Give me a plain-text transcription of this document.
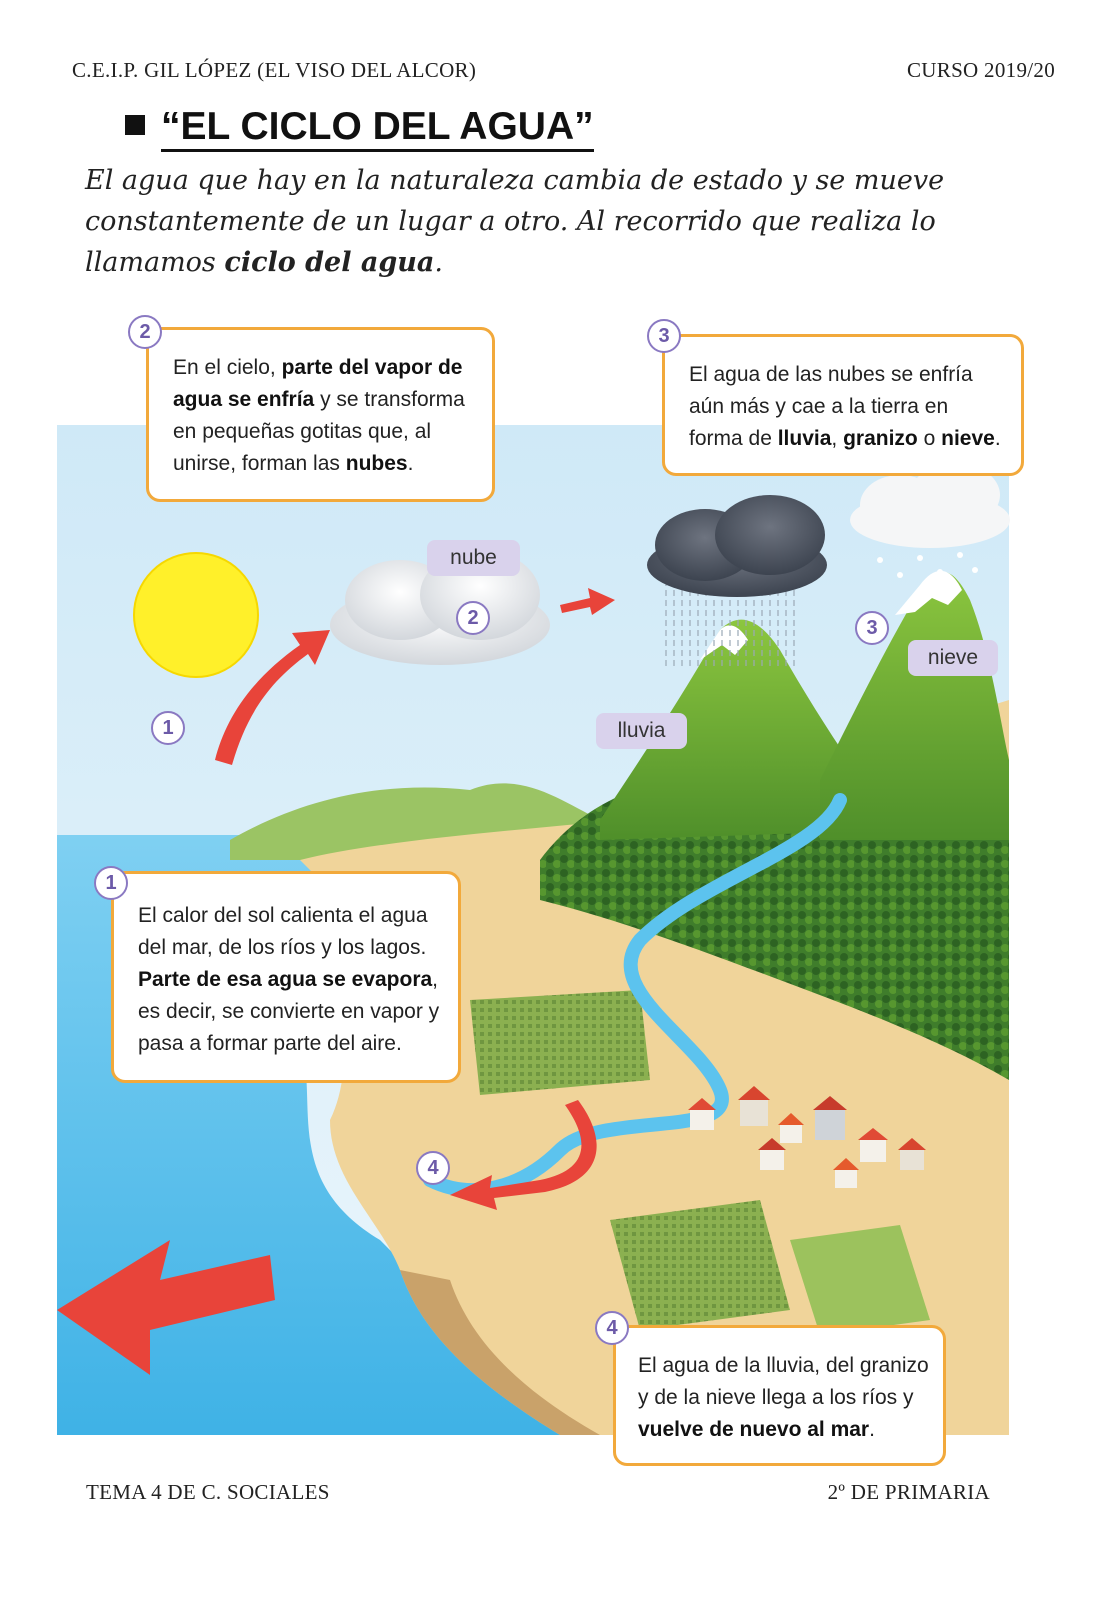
C.E.I.P. GIL LÓPEZ (EL VISO DEL ALCOR)	CURSO 2019/20
“EL CICLO DEL AGUA”
El agua que hay en la naturaleza cambia de estado y se mueve constantemente de un lugar a otro. Al recorrido que realiza lo llamamos ciclo del agua.
nube
lluvia
nieve
1
2	3
4
En el cielo, parte del vapor de agua se enfría y se transforma en pequeñas gotitas que, al unirse, forman las nubes.
2
El agua de las nubes se enfría aún más y cae a la tierra en forma de lluvia, granizo o nieve.
3
El calor del sol calienta el agua del mar, de los ríos y los lagos. Parte de esa agua se evapora, es decir, se convierte en vapor y pasa a formar parte del aire.
1
El agua de la lluvia, del granizo y de la nieve llega a los ríos y vuelve de nuevo al mar.
4
TEMA 4 DE C. SOCIALES	2º DE PRIMARIA
